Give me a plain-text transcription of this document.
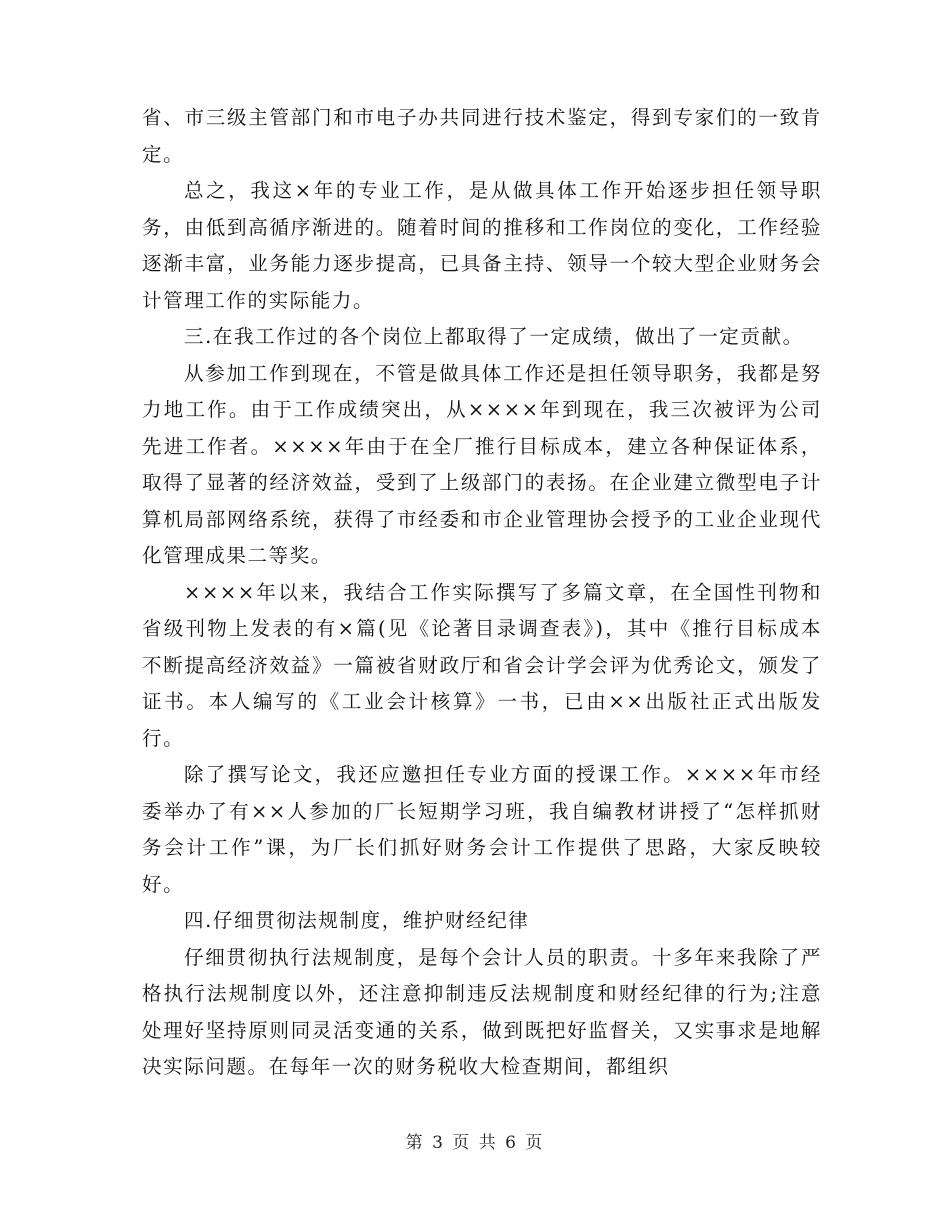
省、市三级主管部门和市电子办共同进行技术鉴定，得到专家们的一致肯定。

总之，我这×年的专业工作，是从做具体工作开始逐步担任领导职务，由低到高循序渐进的。随着时间的推移和工作岗位的变化，工作经验逐渐丰富，业务能力逐步提高，已具备主持、领导一个较大型企业财务会计管理工作的实际能力。

三.在我工作过的各个岗位上都取得了一定成绩，做出了一定贡献。

从参加工作到现在，不管是做具体工作还是担任领导职务，我都是努力地工作。由于工作成绩突出，从××××年到现在，我三次被评为公司先进工作者。××××年由于在全厂推行目标成本，建立各种保证体系，取得了显著的经济效益，受到了上级部门的表扬。在企业建立微型电子计算机局部网络系统，获得了市经委和市企业管理协会授予的工业企业现代化管理成果二等奖。

××××年以来，我结合工作实际撰写了多篇文章，在全国性刊物和省级刊物上发表的有×篇(见《论著目录调查表》)，其中《推行目标成本不断提高经济效益》一篇被省财政厅和省会计学会评为优秀论文，颁发了证书。本人编写的《工业会计核算》一书，已由××出版社正式出版发行。

除了撰写论文，我还应邀担任专业方面的授课工作。××××年市经委举办了有××人参加的厂长短期学习班，我自编教材讲授了“怎样抓财务会计工作”课，为厂长们抓好财务会计工作提供了思路，大家反映较好。

四.仔细贯彻法规制度，维护财经纪律

仔细贯彻执行法规制度，是每个会计人员的职责。十多年来我除了严格执行法规制度以外，还注意抑制违反法规制度和财经纪律的行为;注意处理好坚持原则同灵活变通的关系，做到既把好监督关，又实事求是地解决实际问题。在每年一次的财务税收大检查期间，都组织

第 3 页 共 6 页
